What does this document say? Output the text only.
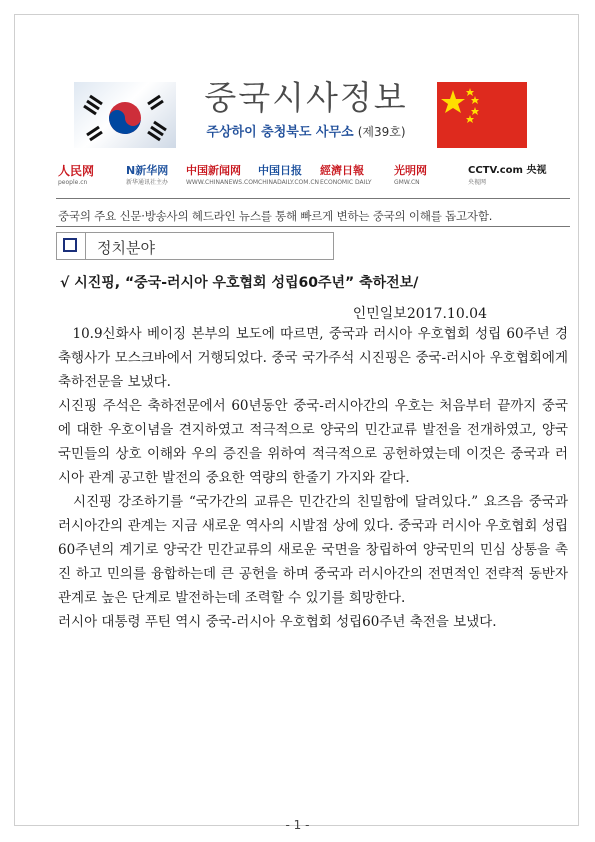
중국시사정보
주상하이 충청북도 사무소 (제39호)
人民网
people.cn
N新华网
新华通讯社主办
中国新闻网
WWW.CHINANEWS.COM
中国日报
CHINADAILY.COM.CN
經濟日報
ECONOMIC DAILY
光明网
GMW.CN
CCTV.com 央视
央视网
중국의 주요 신문·방송사의 헤드라인 뉴스를 통해 빠르게 변하는 중국의 이해를 돕고자함.
정치분야
√ 시진핑, “중국-러시아 우호협회 성립60주년” 축하전보/
인민일보2017.10.04

　10.9신화사 베이징 본부의 보도에 따르면, 중국과 러시아 우호협회 성립 60주년 경축행사가 모스크바에서 거행되었다. 중국 국가주석 시진핑은 중국-러시아 우호협회에게 축하전문을 보냈다.

시진핑 주석은 축하전문에서 60년동안 중국-러시아간의 우호는 처음부터 끝까지 중국에 대한 우호이념을 견지하였고 적극적으로 양국의 민간교류 발전을 전개하였고, 양국 국민들의 상호 이해와 우의 증진을 위하여 적극적으로 공헌하였는데 이것은 중국과 러시아 관계 공고한 발전의 중요한 역량의 한줄기 가지와 같다.

　시진핑 강조하기를 “국가간의 교류은 민간간의 친밀함에 달려있다.” 요즈음 중국과 러시아간의 관계는 지금 새로운 역사의 시발점 상에 있다. 중국과 러시아 우호협회 성립 60주년의 계기로 양국간 민간교류의 새로운 국면을 창립하여 양국민의 민심 상통을 촉진 하고 민의를 융합하는데 큰 공헌을 하며 중국과 러시아간의 전면적인 전략적 동반자 관계로 높은 단계로 발전하는데 조력할 수 있기를 희망한다.

러시아 대통령 푸틴 역시 중국-러시아 우호협회 성립60주년 축전을 보냈다.

- 1 -
